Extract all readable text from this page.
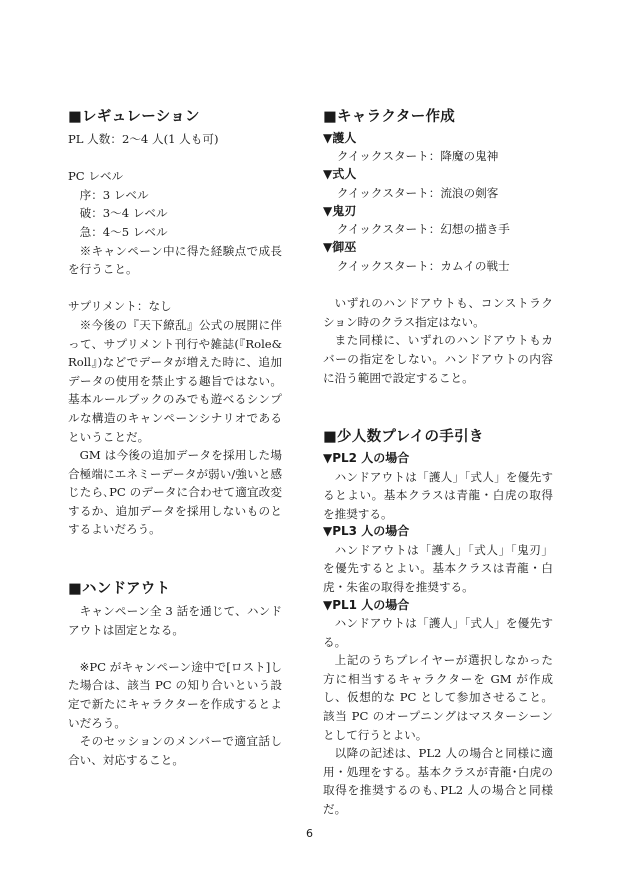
■レギュレーション

PL 人数：2～4 人(1 人も可)

PC レベル

序：3 レベル

破：3～4 レベル

急：4～5 レベル

※キャンペーン中に得た経験点で成長を行うこと。

サプリメント：なし

※今後の『天下繚乱』公式の展開に伴って、サプリメント刊行や雑誌(『Role&Roll』)などでデータが増えた時に、追加データの使用を禁止する趣旨ではない。基本ルールブックのみでも遊べるシンプルな構造のキャンペーンシナリオであるということだ。

GM は今後の追加データを採用した場合極端にエネミーデータが弱い/強いと感じたら､PC のデータに合わせて適宜改変するか、追加データを採用しないものとするよいだろう。

■ハンドアウト

キャンペーン全 3 話を通じて、ハンドアウトは固定となる。

※PC がキャンペーン途中で[ロスト]した場合は、該当 PC の知り合いという設定で新たにキャラクターを作成するとよいだろう。

そのセッションのメンバーで適宜話し合い、対応すること。

■キャラクター作成

▼護人

クイックスタート：降魔の鬼神

▼式人

クイックスタート：流浪の剣客

▼鬼刃

クイックスタート：幻想の描き手

▼御巫

クイックスタート：カムイの戦士

いずれのハンドアウトも、コンストラクション時のクラス指定はない。

また同様に、いずれのハンドアウトもカバーの指定をしない。ハンドアウトの内容に沿う範囲で設定すること。

■少人数プレイの手引き

▼PL2 人の場合

ハンドアウトは「護人」「式人」を優先するとよい。基本クラスは青龍・白虎の取得を推奨する。

▼PL3 人の場合

ハンドアウトは「護人」「式人」「鬼刃」を優先するとよい。基本クラスは青龍・白虎・朱雀の取得を推奨する。

▼PL1 人の場合

ハンドアウトは「護人」「式人」を優先する。

上記のうちプレイヤーが選択しなかった方に相当するキャラクターを GM が作成し、仮想的な PC として参加させること。該当 PC のオープニングはマスターシーンとして行うとよい。

以降の記述は、PL2 人の場合と同様に適用・処理をする。基本クラスが青龍･白虎の取得を推奨するのも､PL2 人の場合と同様だ。

6
